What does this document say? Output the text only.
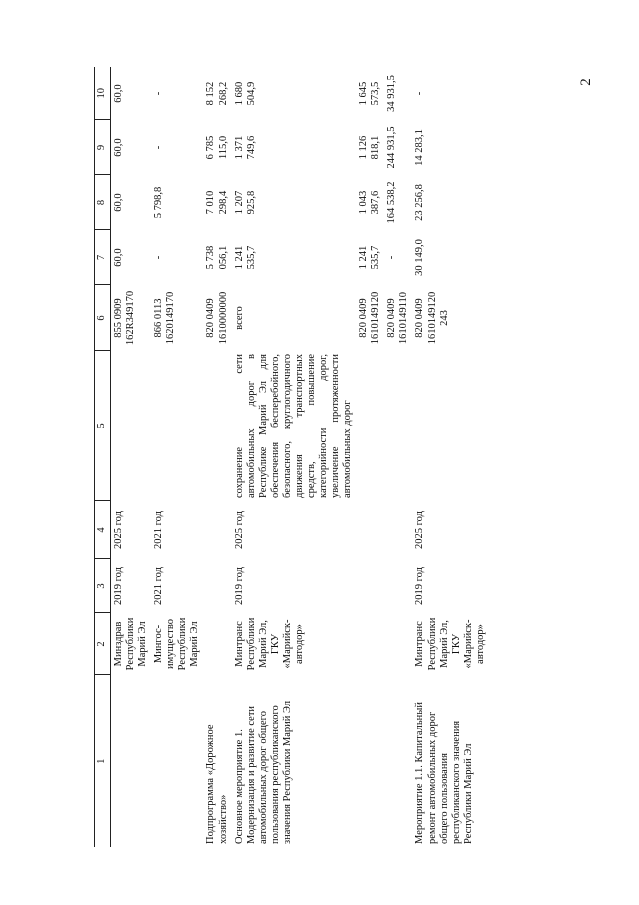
2
1	2	3	4	5	6	7	8	9	10
	Минздрав Республики Марий Эл	2019 год	2025 год		855 0909 162R349170	60,0	60,0	60,0	60,0
	Мингос-имущество Республики Марий Эл	2021 год	2021 год		866 0113 1620149170	-	5 798,8	-	-
Подпрограмма «Дорожное хозяйство»					820 0409 1610000000	5 738 056,1	7 010 298,4	6 785 115,0	8 152 268,2
Основное мероприятие 1. Модернизация и развитие сети автомобильных дорог общего пользования республиканского значения Республики Марий Эл	Минтранс Республики Марий Эл, ГКУ «Марийск-автодор»	2019 год	2025 год	сохранение сети автомобильных дорог в Республике Марий Эл для обеспечения бесперебойного, безопасного, круглогодичного движения транспортных средств, повышение категорийности дорог, увеличение протяженности автомобильных дорог	всего	1 241 535,7	1 207 925,8	1 371 749,6	1 680 504,9
					820 0409 1610149120	1 241 535,7	1 043 387,6	1 126 818,1	1 645 573,5
					820 0409 1610149110	-	164 538,2	244 931,5	34 931,5
Мероприятие 1.1. Капитальный ремонт автомобильных дорог общего пользования республиканского значения Республики Марий Эл	Минтранс Республики Марий Эл, ГКУ «Марийск-автодор»	2019 год	2025 год		820 0409 1610149120 243	30 149,0	23 256,8	14 283,1	-
